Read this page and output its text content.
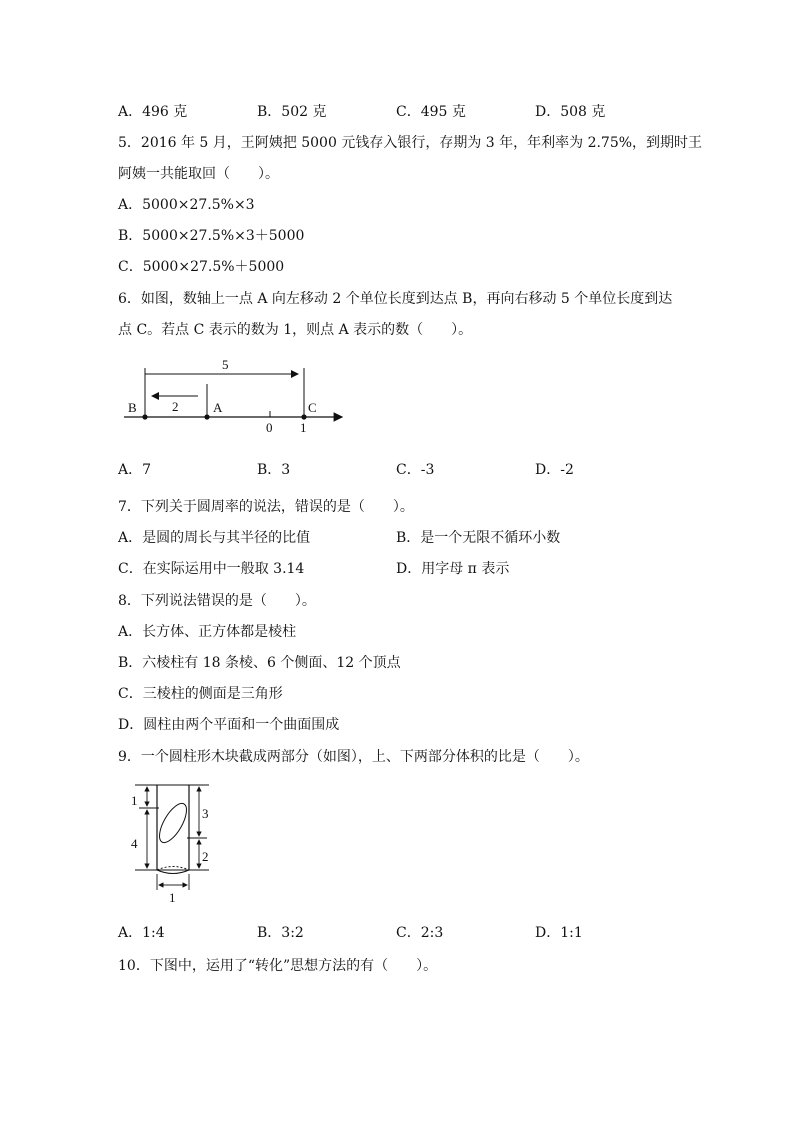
A．496 克	B．502 克	C．495 克	D．508 克
5．2016 年 5 月，王阿姨把 5000 元钱存入银行，存期为 3 年，年利率为 2.75%，到期时王
阿姨一共能取回（　　）。
A．5000×27.5%×3
B．5000×27.5%×3＋5000
C．5000×27.5%＋5000
6．如图，数轴上一点 A 向左移动 2 个单位长度到达点 B，再向右移动 5 个单位长度到达
点 C。若点 C 表示的数为 1，则点 A 表示的数（　　）。
5
2
B	A	C
0 1
A．7	B．3	C．-3	D．-2
7．下列关于圆周率的说法，错误的是（　　）。
A．是圆的周长与其半径的比值	B．是一个无限不循环小数
C．在实际运用中一般取 3.14	D．用字母 π 表示
8．下列说法错误的是（　　）。
A．长方体、正方体都是棱柱
B．六棱柱有 18 条棱、6 个侧面、12 个顶点
C．三棱柱的侧面是三角形
D．圆柱由两个平面和一个曲面围成
9．一个圆柱形木块截成两部分（如图），上、下两部分体积的比是（　　）。
1
4
3
2
1
A．1:4	B．3:2	C．2:3	D．1:1
10．下图中，运用了“转化”思想方法的有（　　）。
